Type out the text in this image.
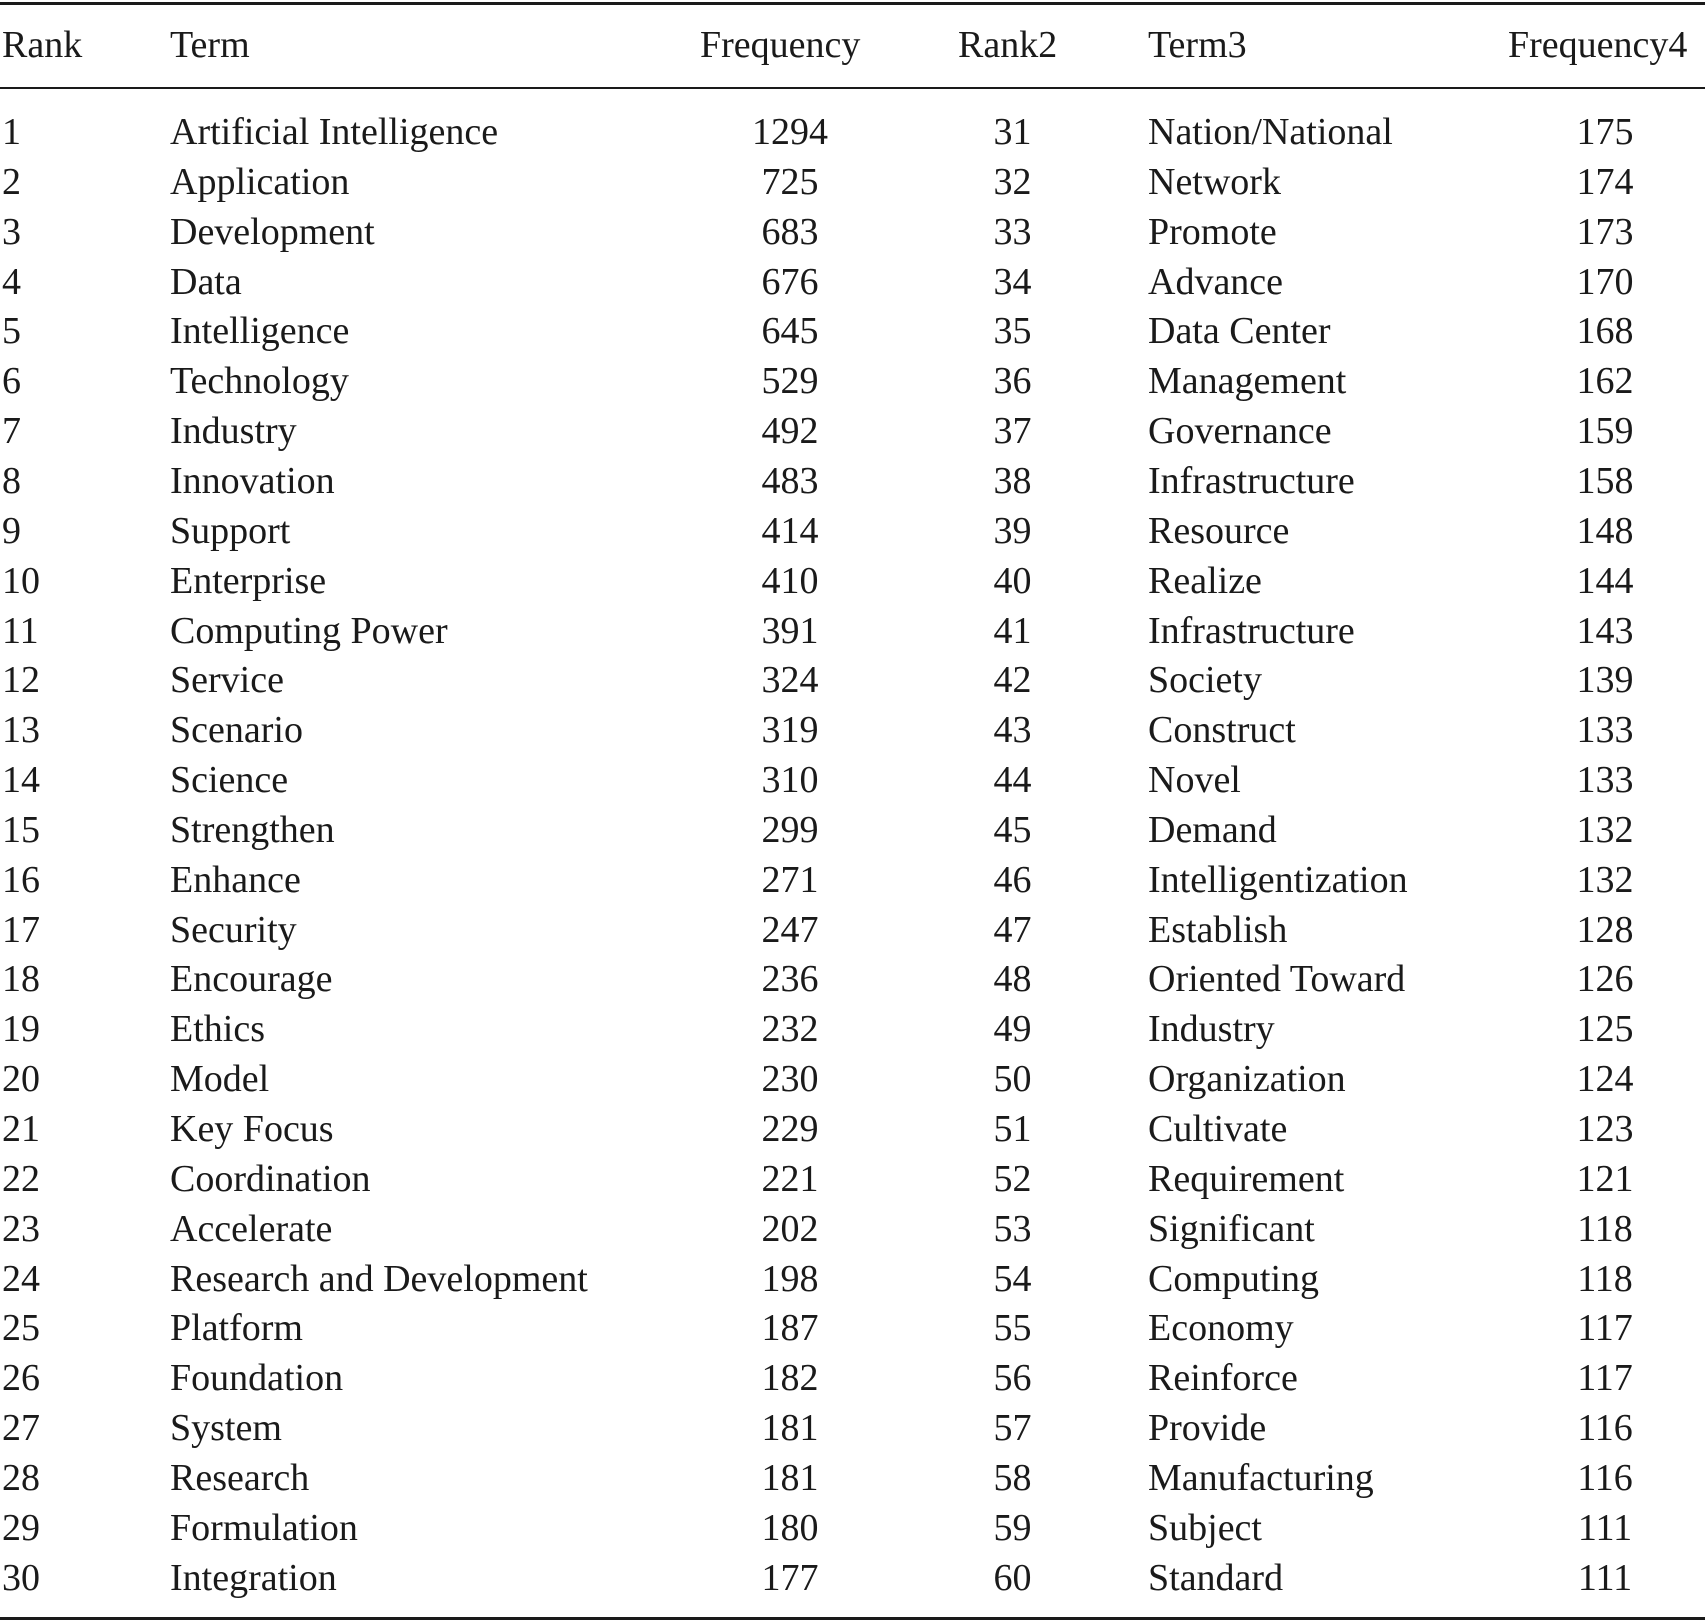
Rank Term	Frequency	Rank2 Term3	Frequency4
1	Artificial Intelligence	1294	31	Nation/National	175
2	Application	725	32	Network	174
3	Development	683	33	Promote	173
4	Data	676	34	Advance	170
5	Intelligence	645	35	Data Center	168
6	Technology	529	36	Management	162
7	Industry	492	37	Governance	159
8	Innovation	483	38	Infrastructure	158
9	Support	414	39	Resource	148
10	Enterprise	410	40	Realize	144
11	Computing Power	391	41	Infrastructure	143
12	Service	324	42	Society	139
13	Scenario	319	43	Construct	133
14	Science	310	44	Novel	133
15	Strengthen	299	45	Demand	132
16	Enhance	271	46	Intelligentization	132
17	Security	247	47	Establish	128
18	Encourage	236	48	Oriented Toward	126
19	Ethics	232	49	Industry	125
20	Model	230	50	Organization	124
21	Key Focus	229	51	Cultivate	123
22	Coordination	221	52	Requirement	121
23	Accelerate	202	53	Significant	118
24	Research and Development	198	54	Computing	118
25	Platform	187	55	Economy	117
26	Foundation	182	56	Reinforce	117
27	System	181	57	Provide	116
28	Research	181	58	Manufacturing	116
29	Formulation	180	59	Subject	111
30	Integration	177	60	Standard	111
